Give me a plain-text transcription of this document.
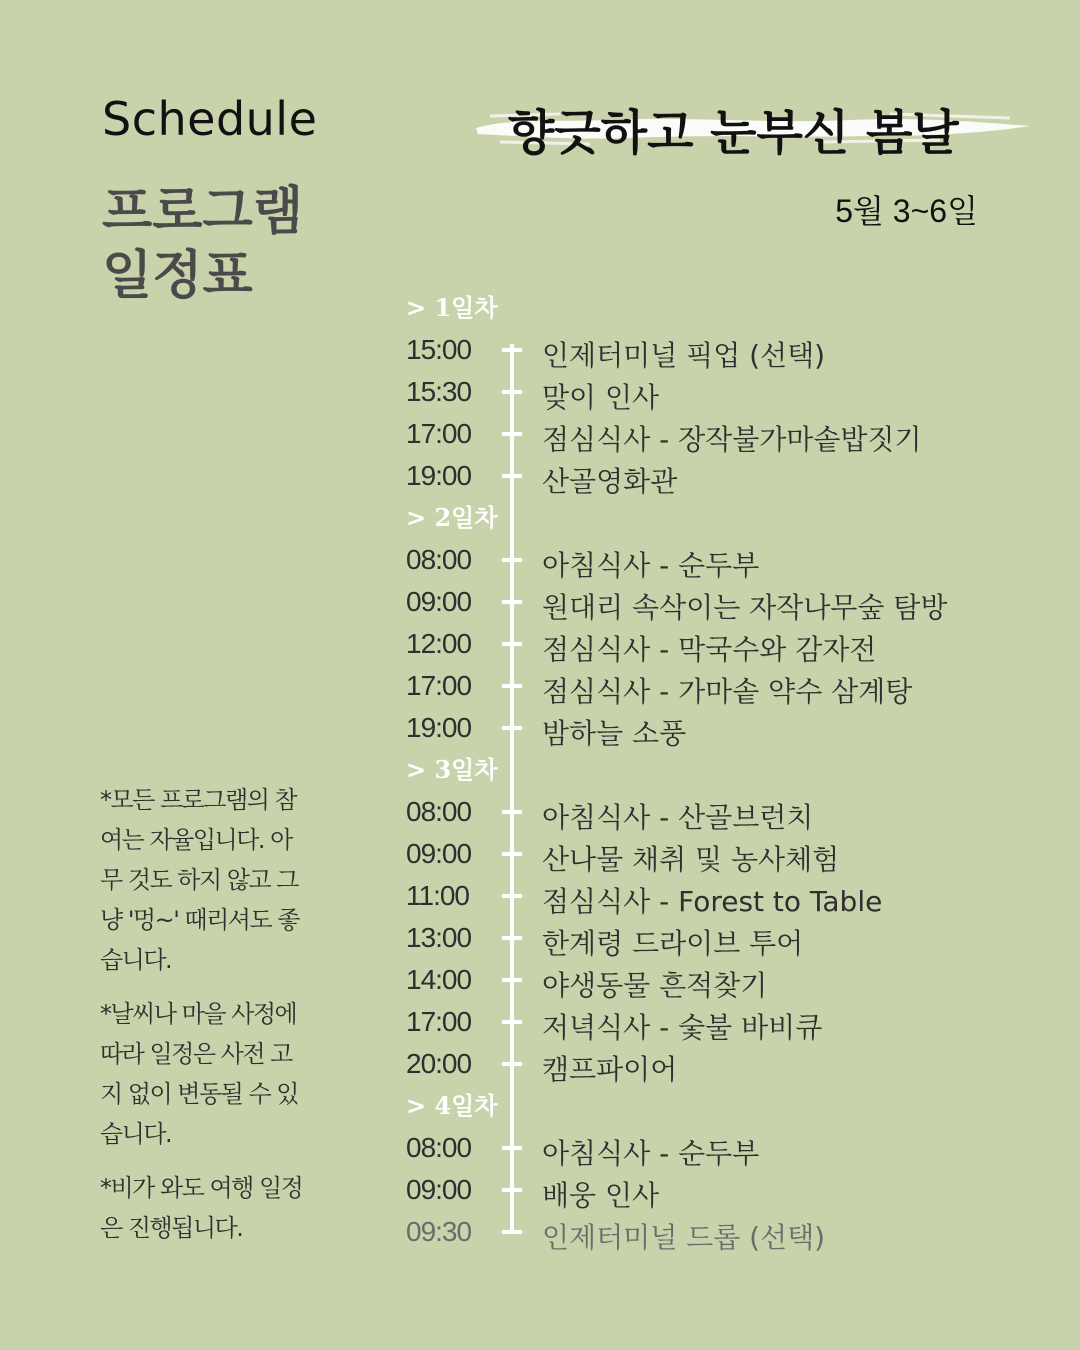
Schedule
프로그램
일정표
향긋하고 눈부신 봄날
5월 3~6일
> 1일차
15:00	인제터미널 픽업 (선택)
15:30	맞이 인사
17:00	점심식사 - 장작불가마솥밥짓기
19:00	산골영화관
> 2일차
08:00	아침식사 - 순두부
09:00	원대리 속삭이는 자작나무숲 탐방
12:00	점심식사 - 막국수와 감자전
17:00	점심식사 - 가마솥 약수 삼계탕
19:00	밤하늘 소풍
> 3일차
08:00	아침식사 - 산골브런치
09:00	산나물 채취 및 농사체험
11:00	점심식사 - Forest to Table
13:00	한계령 드라이브 투어
14:00	야생동물 흔적찾기
17:00	저녁식사 - 숯불 바비큐
20:00	캠프파이어
> 4일차
08:00	아침식사 - 순두부
09:00	배웅 인사
09:30	인제터미널 드롭 (선택)
*모든 프로그램의 참여는 자율입니다. 아무 것도 하지 않고 그냥 '멍~' 때리셔도 좋습니다.
*날씨나 마을 사정에 따라 일정은 사전 고지 없이 변동될 수 있습니다.
*비가 와도 여행 일정은 진행됩니다.
